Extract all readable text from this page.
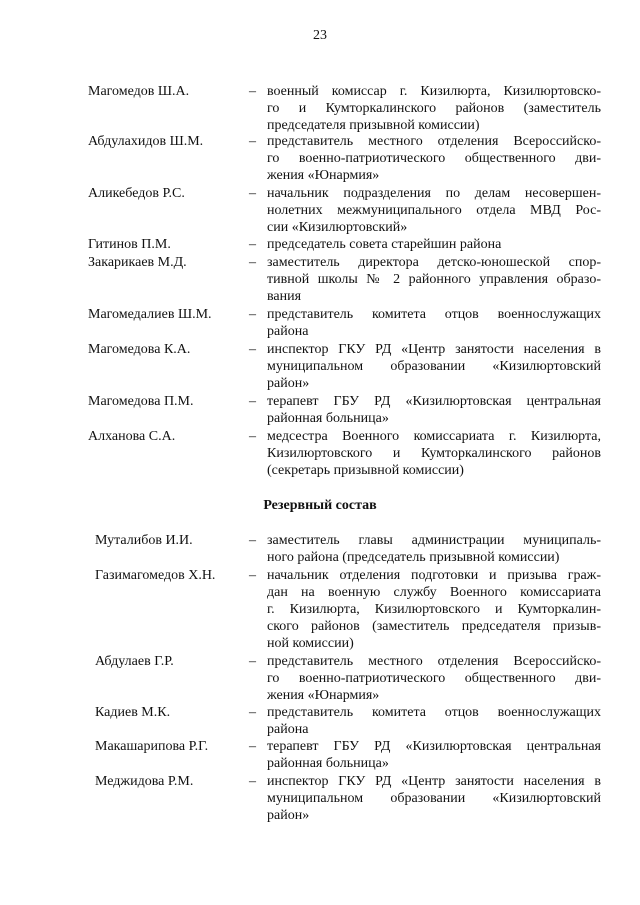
23
Магомедов Ш.А.	– военный комиссар г. Кизилюрта, Кизилюртовско-
го и Кумторкалинского районов (заместитель
председателя призывной комиссии)
Абдулахидов Ш.М.	– представитель местного отделения Всероссийско-
го военно-патриотического общественного дви-
жения «Юнармия»
Аликебедов Р.С.	– начальник подразделения по делам несовершен-
нолетних межмуниципального отдела МВД Рос-
сии «Кизилюртовский»
Гитинов П.М.	– председатель совета старейшин района
Закарикаев М.Д.	– заместитель директора детско-юношеской спор-
тивной школы № 2 районного управления образо-
вания
Магомедалиев Ш.М.	– представитель комитета отцов военнослужащих
района
Магомедова К.А.	– инспектор ГКУ РД «Центр занятости населения в
муниципальном образовании «Кизилюртовский
район»
Магомедова П.М.	– терапевт ГБУ РД «Кизилюртовская центральная
районная больница»
Алханова С.А.	– медсестра Военного комиссариата г. Кизилюрта,
Кизилюртовского и Кумторкалинского районов
(секретарь призывной комиссии)
Резервный состав
Муталибов И.И.	– заместитель главы администрации муниципаль-
ного района (председатель призывной комиссии)
Газимагомедов Х.Н. – начальник отделения подготовки и призыва граж-
дан на военную службу Военного комиссариата
г. Кизилюрта, Кизилюртовского и Кумторкалин-
ского районов (заместитель председателя призыв-
ной комиссии)
Абдулаев Г.Р.	– представитель местного отделения Всероссийско-
го военно-патриотического общественного дви-
жения «Юнармия»
Кадиев М.К.	– представитель комитета отцов военнослужащих
района
Макашарипова Р.Г.	– терапевт ГБУ РД «Кизилюртовская центральная
районная больница»
Меджидова Р.М.	– инспектор ГКУ РД «Центр занятости населения в
муниципальном образовании «Кизилюртовский
район»
